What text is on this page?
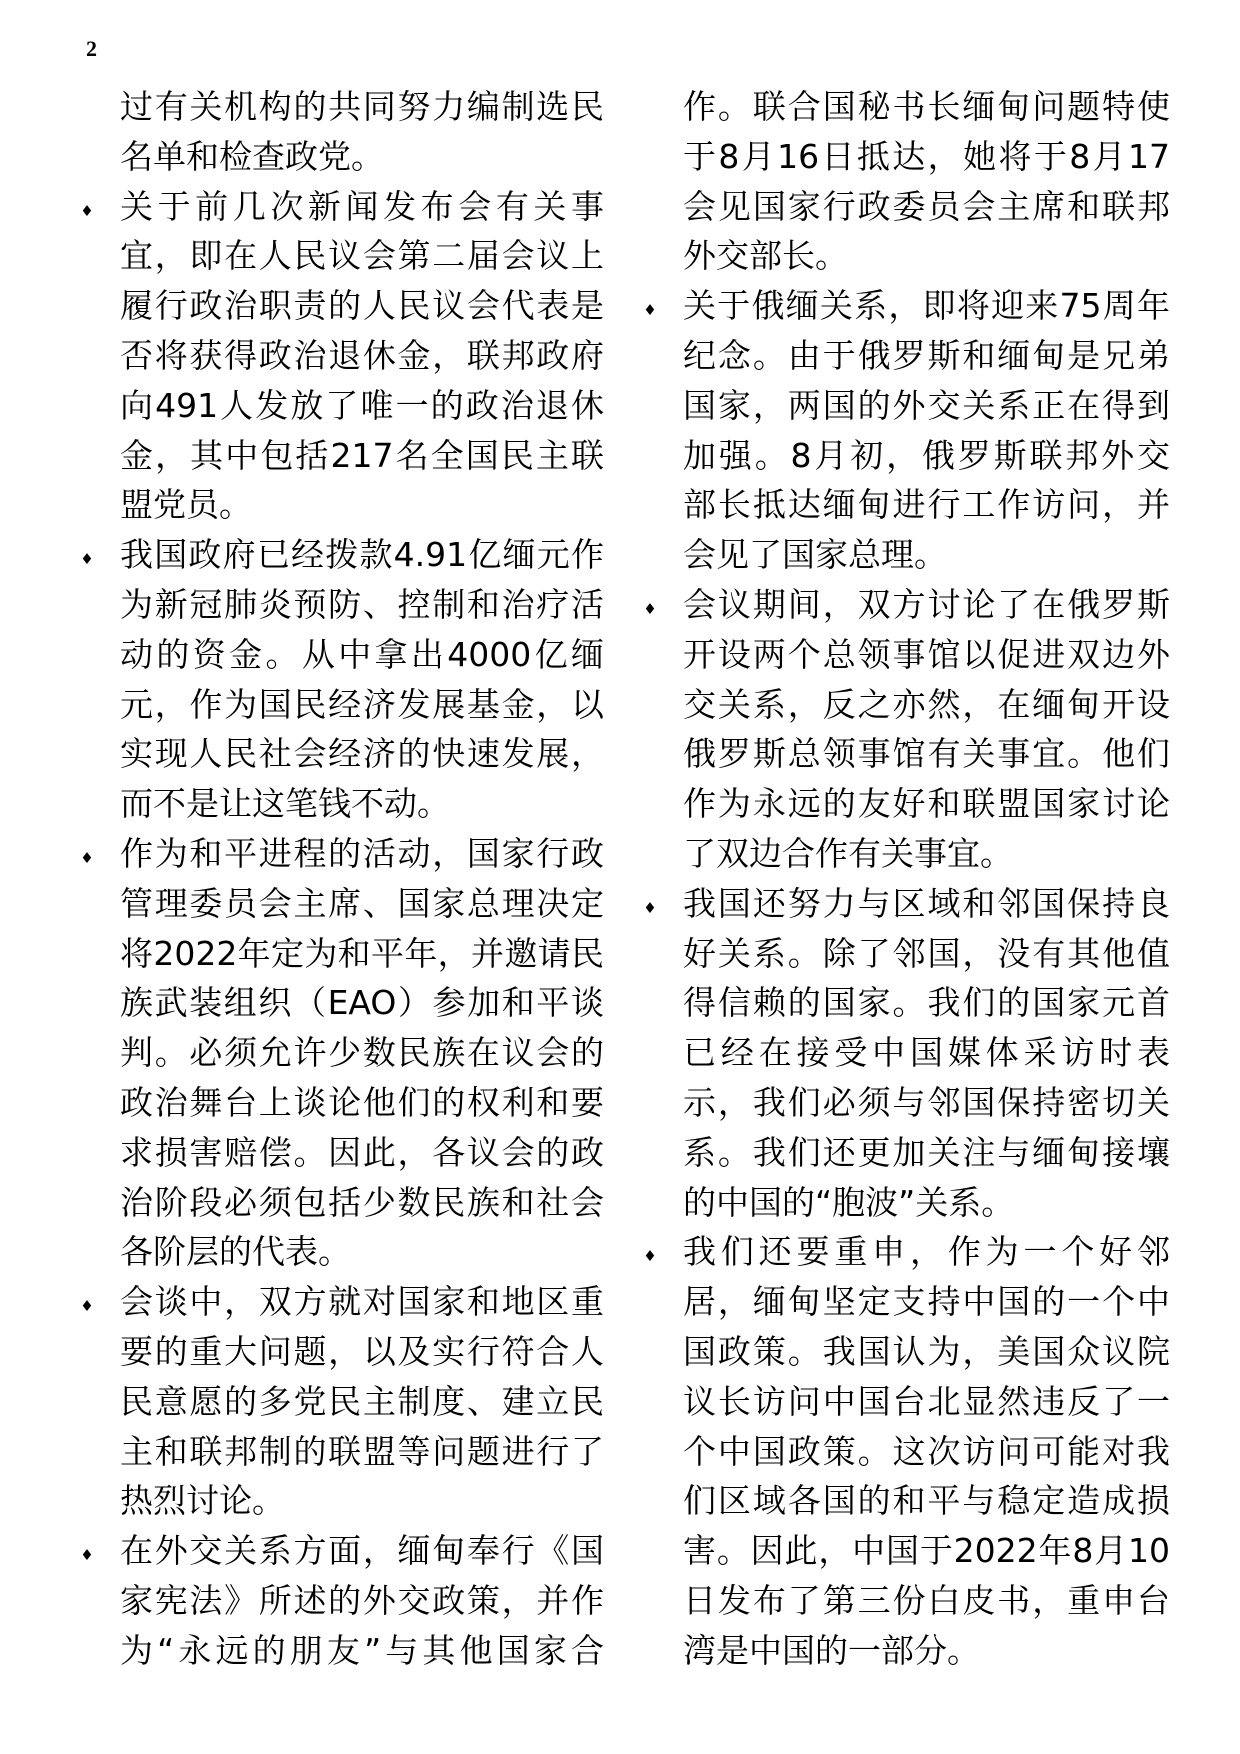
2
过有关机构的共同努力编制选民
名单和检查政党。
♦
关于前几次新闻发布会有关事
宜，即在人民议会第二届会议上
履行政治职责的人民议会代表是
否将获得政治退休金，联邦政府
向491人发放了唯一的政治退休
金，其中包括217名全国民主联
盟党员。
♦
我国政府已经拨款4.91亿缅元作
为新冠肺炎预防、控制和治疗活
动的资金。从中拿出4000亿缅
元，作为国民经济发展基金，以
实现人民社会经济的快速发展，
而不是让这笔钱不动。
♦
作为和平进程的活动，国家行政
管理委员会主席、国家总理决定
将2022年定为和平年，并邀请民
族武装组织（EAO）参加和平谈
判。必须允许少数民族在议会的
政治舞台上谈论他们的权利和要
求损害赔偿。因此，各议会的政
治阶段必须包括少数民族和社会
各阶层的代表。
♦
会谈中，双方就对国家和地区重
要的重大问题，以及实行符合人
民意愿的多党民主制度、建立民
主和联邦制的联盟等问题进行了
热烈讨论。
♦
在外交关系方面，缅甸奉行《国
家宪法》所述的外交政策，并作
为“永远的朋友”与其他国家合
作。联合国秘书长缅甸问题特使
于8月16日抵达，她将于8月17
会见国家行政委员会主席和联邦
外交部长。
♦
关于俄缅关系，即将迎来75周年
纪念。由于俄罗斯和缅甸是兄弟
国家，两国的外交关系正在得到
加强。8月初，俄罗斯联邦外交
部长抵达缅甸进行工作访问，并
会见了国家总理。
♦
会议期间，双方讨论了在俄罗斯
开设两个总领事馆以促进双边外
交关系，反之亦然，在缅甸开设
俄罗斯总领事馆有关事宜。他们
作为永远的友好和联盟国家讨论
了双边合作有关事宜。
♦
我国还努力与区域和邻国保持良
好关系。除了邻国，没有其他值
得信赖的国家。我们的国家元首
已经在接受中国媒体采访时表
示，我们必须与邻国保持密切关
系。我们还更加关注与缅甸接壤
的中国的“胞波”关系。
♦
我们还要重申，作为一个好邻
居，缅甸坚定支持中国的一个中
国政策。我国认为，美国众议院
议长访问中国台北显然违反了一
个中国政策。这次访问可能对我
们区域各国的和平与稳定造成损
害。因此，中国于2022年8月10
日发布了第三份白皮书，重申台
湾是中国的一部分。
